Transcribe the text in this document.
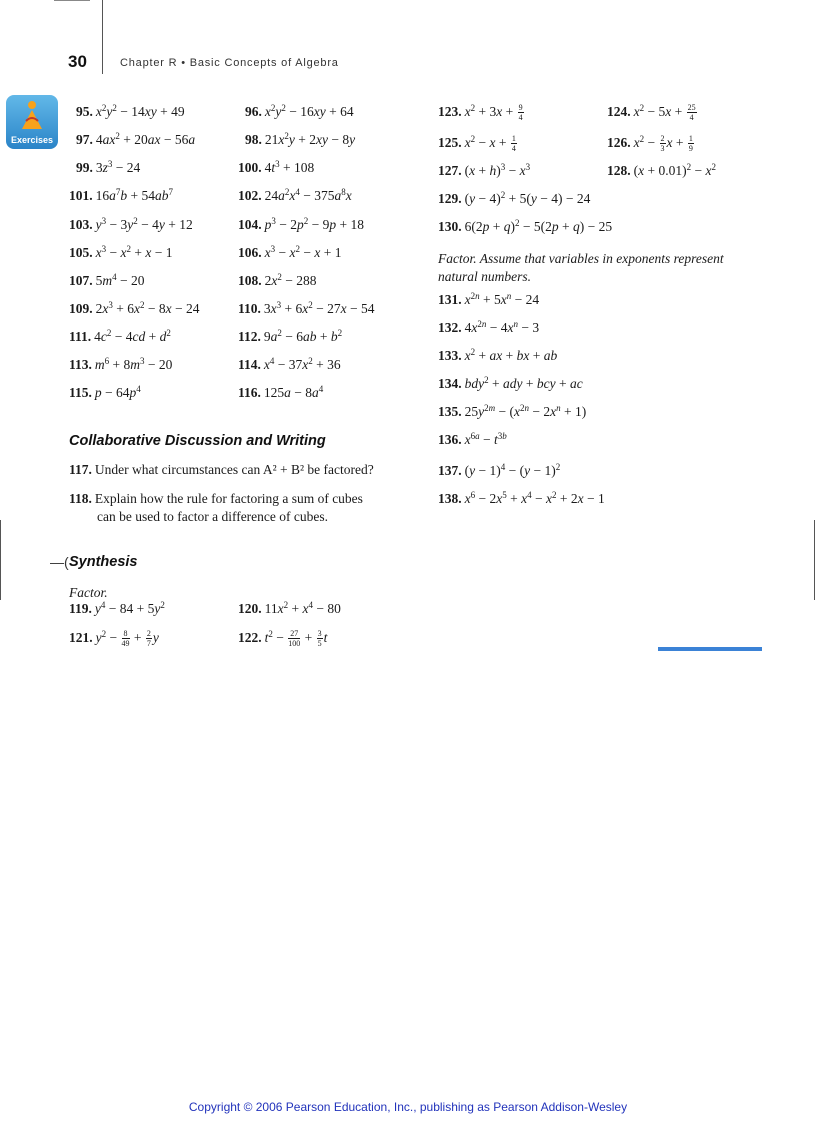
30	Chapter R • Basic Concepts of Algebra
Exercises
95. $x^2y^2 - 14xy + 49$	96. $x^2y^2 - 16xy + 64$
97. $4ax^2 + 20ax - 56a$	98. $21x^2y + 2xy - 8y$
99. $3z^3 - 24$	100. $4t^3 + 108$
101. $16a^7b + 54ab^7$	102. $24a^2x^4 - 375a^8x$
103. $y^3 - 3y^2 - 4y + 12$	104. $p^3 - 2p^2 - 9p + 18$
105. $x^3 - x^2 + x - 1$	106. $x^3 - x^2 - x + 1$
107. $5m^4 - 20$	108. $2x^2 - 288$
109. $2x^3 + 6x^2 - 8x - 24$	110. $3x^3 + 6x^2 - 27x - 54$
111. $4c^2 - 4cd + d^2$	112. $9a^2 - 6ab + b^2$
113. $m^6 + 8m^3 - 20$	114. $x^4 - 37x^2 + 36$
115. $p - 64p^4$	116. $125a - 8a^4$
Collaborative Discussion and Writing
117. Under what circumstances can A² + B² be factored?
118. Explain how the rule for factoring a sum of cubes
can be used to factor a difference of cubes.
—( Synthesis
Factor.
119. $y^4 - 84 + 5y^2$	120. $11x^2 + x^4 - 80$
121. $y^2 - \frac{8}{49} + \frac{2}{7}$ y	122. $t^2 - \frac{27}{100} + \frac{3}{5}$ t
123. $x^2 + 3x + \frac{9}{4}$	124. $x^2 - 5x + \frac{25}{4}$
125. $x^2 - x + \frac{1}{4}$	126. $x^2 - \frac{2}{3}$ $x + \frac{1}{9}$
127. $(x + h)^3 - x^3$	128. $(x + 0.01)^2 - x^2$
129. $(y - 4)^2 + 5(y - 4) - 24$
130. $6(2p + q)^2 - 5(2p + q) - 25$
Factor. Assume that variables in exponents represent
natural numbers.
131. $x^{2n} + 5x^n - 24$
132. $4x^{2n} - 4x^n - 3$
133. $x^2$ + ax + bx + ab
134. bdy$^2$ + ady + bcy + ac
135. $25y^{2m} - (x^{2n} - 2x^n + 1)$
136. $x^{6a} - t^{3b}$
137. $(y - 1)^4 - (y - 1)^2$
138. $x^6 - 2x^5 + x^4 - x^2 + 2x - 1$
Copyright © 2006 Pearson Education, Inc., publishing as Pearson Addison-Wesley
